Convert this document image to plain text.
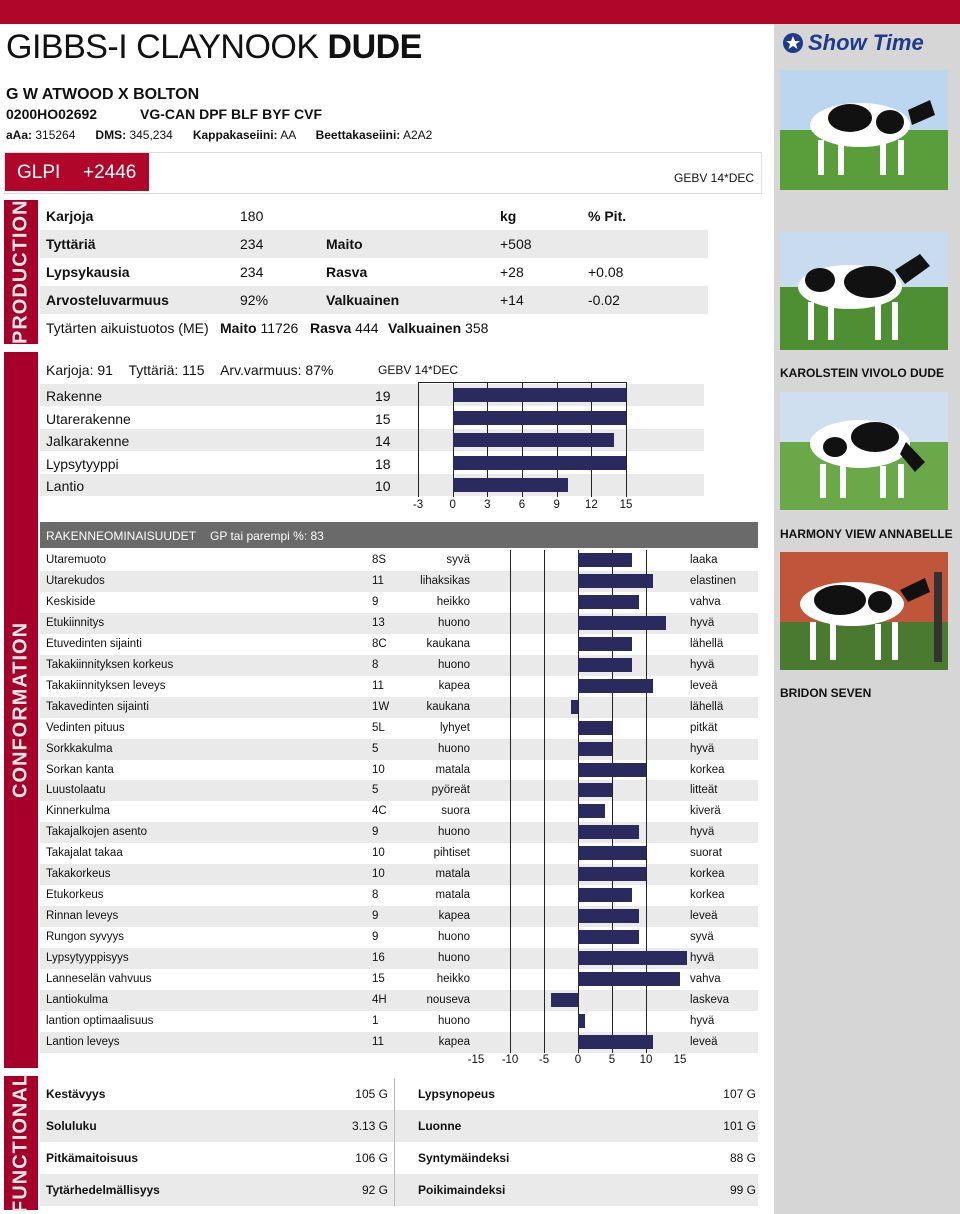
GIBBS-I CLAYNOOK DUDE
G W ATWOOD X BOLTON
0200HO02692	VG-CAN DPF BLF BYF CVF
aAa: 315264 DMS: 345,234 Kappakaseiini: AA Beettakaseiini: A2A2
GLPI +2446	GEBV 14*DEC
PRODUCTION	Tytärten aikuistuotos (ME) Maito 11726 Rasva 444 Valkuainen 358
CONFORMATION
Karjoja: 91 Tyttäriä: 115 Arv.varmuus: 87%	GEBV 14*DEC
RAKENNEOMINAISUUDET GP tai parempi %: 83
FUNCTIONAL
Show Time
KAROLSTEIN VIVOLO DUDE
HARMONY VIEW ANNABELLE
BRIDON SEVEN
Karjoja	180	kg	% Pit.
Tyttäriä	234	Maito	+508
Lypsykausia	234	Rasva	+28	+0.08
Arvosteluvarmuus	92%	Valkuainen	+14	-0.02
Rakenne	19
Utarerakenne	15
Jalkarakenne	14
Lypsytyyppi	18
Lantio	10
-3 0 3 6 9 12 15
Utaremuoto	8S	syvä	laaka
Utarekudos	11	lihaksikas	elastinen
Keskiside	9	heikko	vahva
Etukiinnitys	13	huono	hyvä
Etuvedinten sijainti	8C	kaukana	lähellä
Takakiinnityksen korkeus	8	huono	hyvä
Takakiinnityksen leveys	11	kapea	leveä
Takavedinten sijainti	1W	kaukana	lähellä
Vedinten pituus	5L	lyhyet	pitkät
Sorkkakulma	5	huono	hyvä
Sorkan kanta	10	matala	korkea
Luustolaatu	5	pyöreät	litteät
Kinnerkulma	4C	suora	kiverä
Takajalkojen asento	9	huono	hyvä
Takajalat takaa	10	pihtiset	suorat
Takakorkeus	10	matala	korkea
Etukorkeus	8	matala	korkea
Rinnan leveys	9	kapea	leveä
Rungon syvyys	9	huono	syvä
Lypsytyyppisyys	16	huono	hyvä
Lanneselän vahvuus	15	heikko	vahva
Lantiokulma	4H	nouseva	laskeva
lantion optimaalisuus	1	huono	hyvä
Lantion leveys	11	kapea	leveä
-15 -10 -5 0 5 10 15
Kestävyys	105 G	Lypsynopeus	107 G
Soluluku	3.13 G	Luonne	101 G
Pitkämaitoisuus	106 G	Syntymäindeksi	88 G
Tytärhedelmällisyys	92 G	Poikimaindeksi	99 G
